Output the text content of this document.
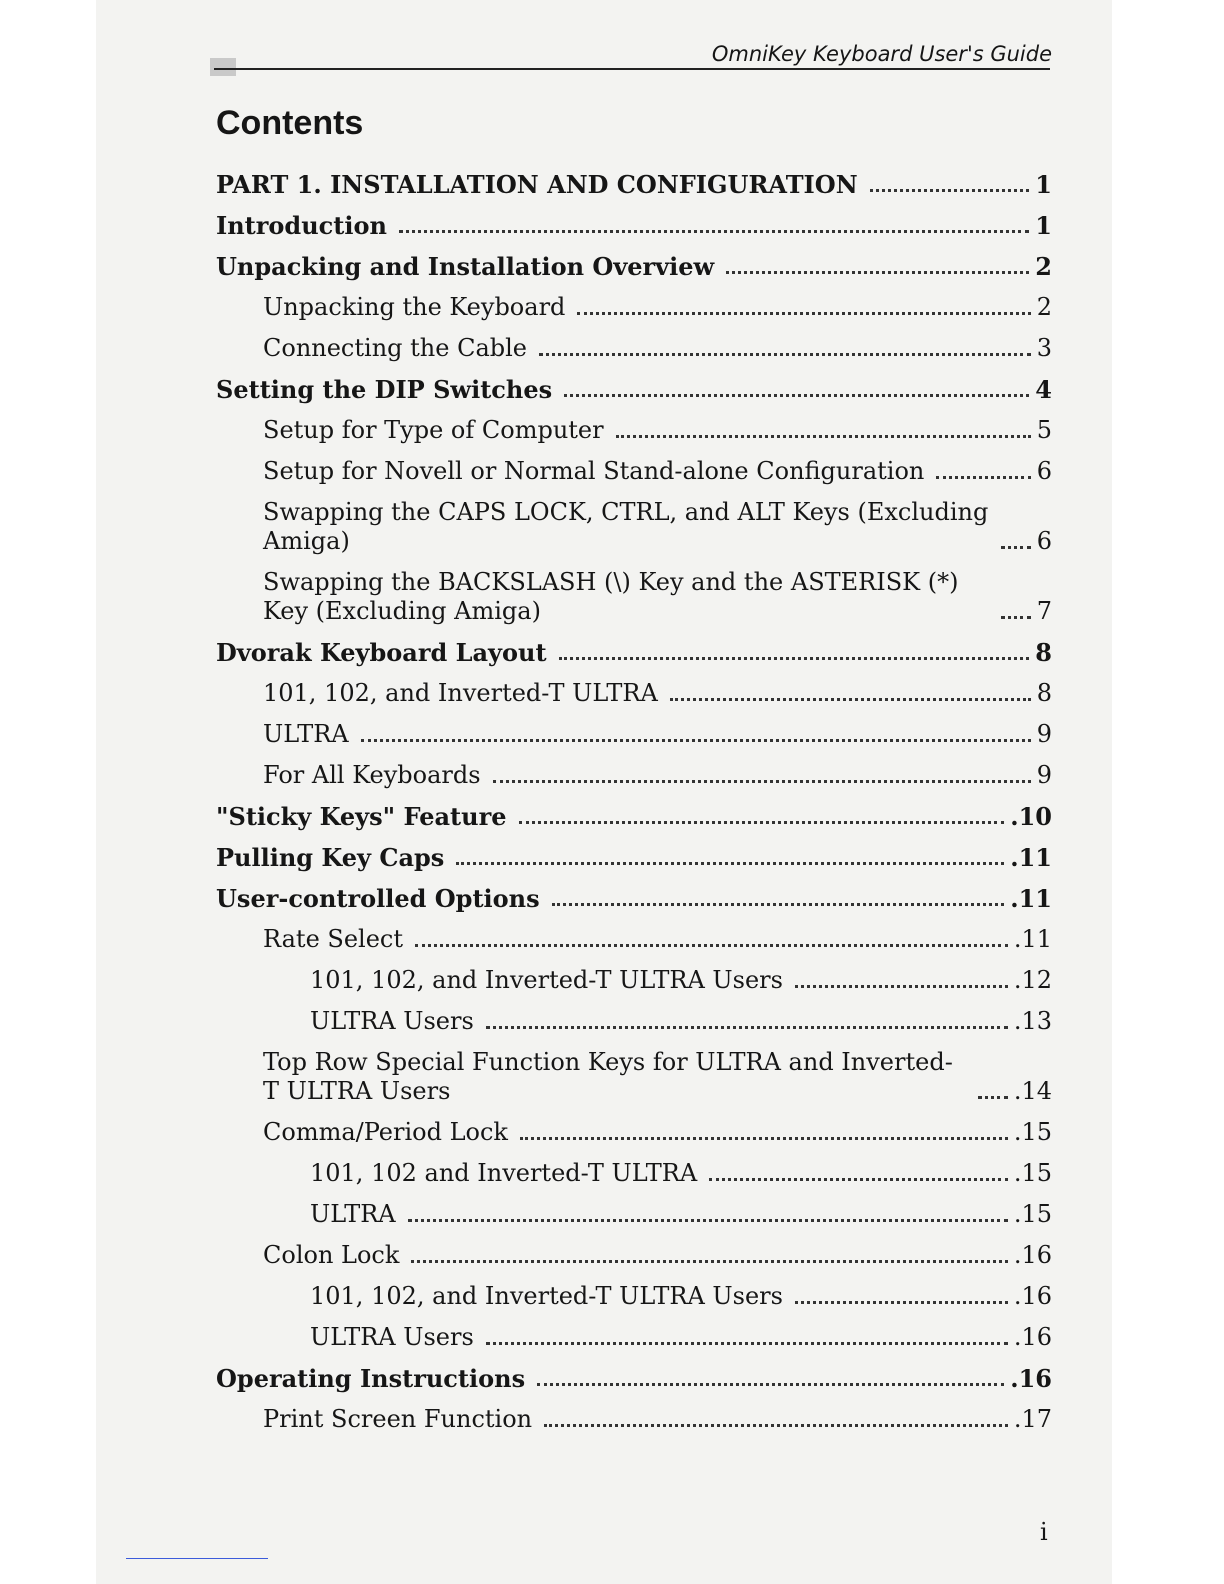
OmniKey Keyboard User's Guide
Contents
PART 1. INSTALLATION AND CONFIGURATION	1
Introduction	1
Unpacking and Installation Overview	2
Unpacking the Keyboard	2
Connecting the Cable	3
Setting the DIP Switches	4
Setup for Type of Computer	5
Setup for Novell or Normal Stand-alone Configuration	6
Swapping the CAPS LOCK, CTRL, and ALT Keys (Excluding Amiga)	6
Swapping the BACKSLASH (\) Key and the ASTERISK (*) Key (Excluding Amiga)	7
Dvorak Keyboard Layout	8
101, 102, and Inverted-T ULTRA	8
ULTRA	9
For All Keyboards	9
"Sticky Keys" Feature	.10
Pulling Key Caps	.11
User-controlled Options	.11
Rate Select	.11
101, 102, and Inverted-T ULTRA Users	.12
ULTRA Users	.13
Top Row Special Function Keys for ULTRA and Inverted-T ULTRA Users	.14
Comma/Period Lock	.15
101, 102 and Inverted-T ULTRA	.15
ULTRA	.15
Colon Lock	.16
101, 102, and Inverted-T ULTRA Users	.16
ULTRA Users	.16
Operating Instructions	.16
Print Screen Function	.17
i
